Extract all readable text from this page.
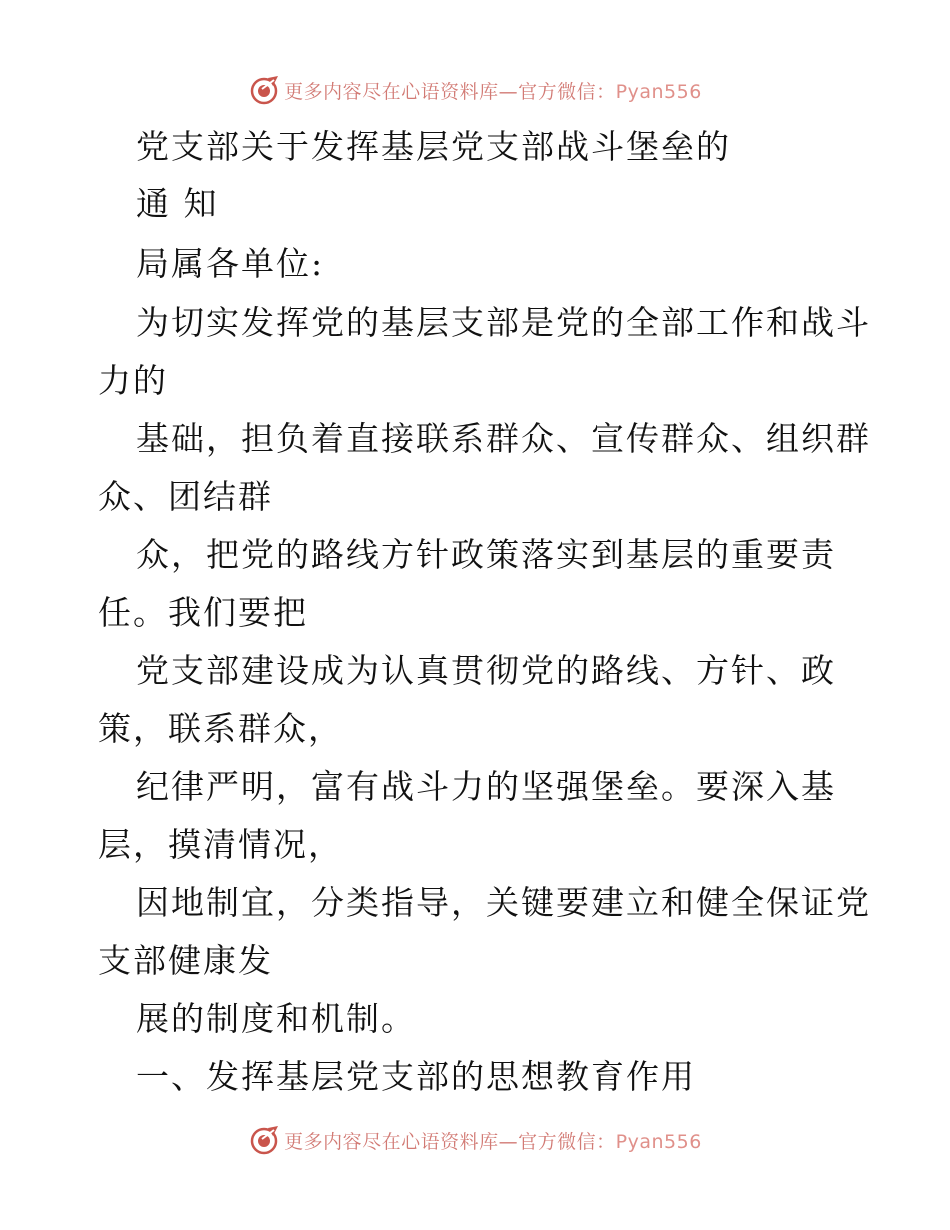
更多内容尽在心语资料库—官方微信：Pyan556
党支部关于发挥基层党支部战斗堡垒的
通 知
局属各单位:
为切实发挥党的基层支部是党的全部工作和战斗
力的
基础，担负着直接联系群众、宣传群众、组织群
众、团结群
众，把党的路线方针政策落实到基层的重要责
任。我们要把
党支部建设成为认真贯彻党的路线、方针、政
策，联系群众，
纪律严明，富有战斗力的坚强堡垒。要深入基
层，摸清情况，
因地制宜，分类指导，关键要建立和健全保证党
支部健康发
展的制度和机制。
一、发挥基层党支部的思想教育作用
更多内容尽在心语资料库—官方微信：Pyan556
